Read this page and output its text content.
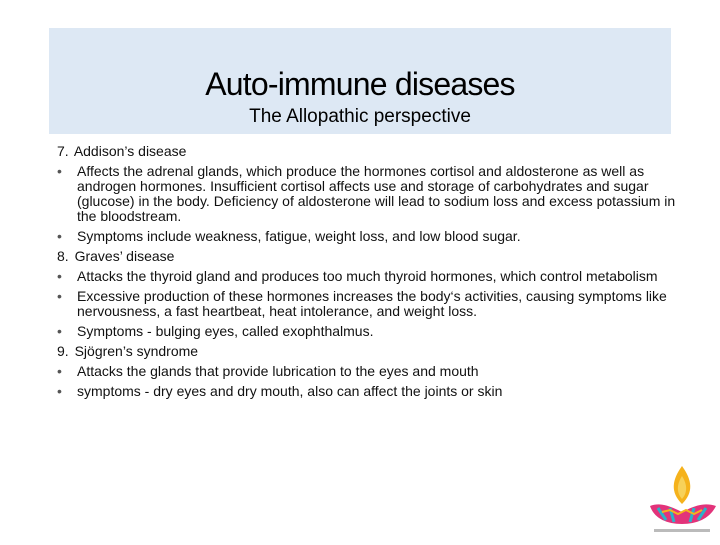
Auto-immune diseases
The Allopathic perspective
7. Addison’s disease
•	Affects the adrenal glands, which produce the hormones cortisol and aldosterone as well as androgen hormones. Insufficient cortisol affects use and storage of carbohydrates and sugar (glucose) in the body. Deficiency of aldosterone will lead to sodium loss and excess potassium in the bloodstream.
•	Symptoms include weakness, fatigue, weight loss, and low blood sugar.
8. Graves’ disease
•	Attacks the thyroid gland and produces too much thyroid hormones, which control metabolism
•	Excessive production of these hormones increases the body‘s activities, causing symptoms like nervousness, a fast heartbeat, heat intolerance, and weight loss.
•	Symptoms - bulging eyes, called exophthalmus.
9. Sjögren’s syndrome
•	Attacks the glands that provide lubrication to the eyes and mouth
•	symptoms - dry eyes and dry mouth, also can affect the joints or skin
